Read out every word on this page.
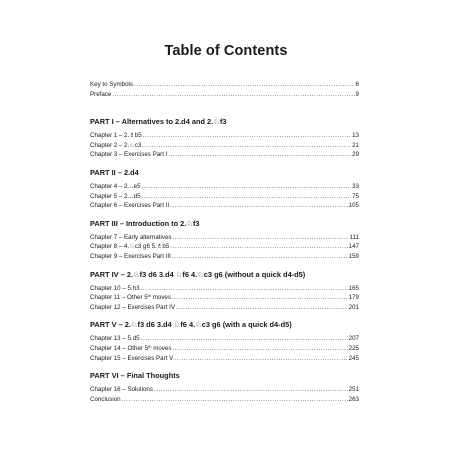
Table of Contents
Key to Symbols .....	6
Preface .....	9
PART I – Alternatives to 2.d4 and 2.♘f3
Chapter 1 – 2.♗b5 .....	13
Chapter 2 – 2.♘c3 .....	21
Chapter 3 – Exercises Part I .....	29
PART II – 2.d4
Chapter 4 – 2…e5 .....	33
Chapter 5 – 2…d5 .....	75
Chapter 6 – Exercises Part II .....	105
PART III – Introduction to 2.♘f3
Chapter 7 – Early alternatives .....	111
Chapter 8 – 4.♘c3 g6 5.♗b5 .....	147
Chapter 9 – Exercises Part III .....	159
PART IV – 2.♘f3 d6 3.d4 ♘f6 4.♘c3 g6 (without a quick d4-d5)
Chapter 10 – 5.h3 .....	165
Chapter 11 – Other 5th moves .....	179
Chapter 12 – Exercises Part IV .....	201
PART V – 2.♘f3 d6 3.d4 ♘f6 4.♘c3 g6 (with a quick d4-d5)
Chapter 13 – 5.d5 .....	207
Chapter 14 – Other 5th moves .....	225
Chapter 15 – Exercises Part V .....	245
PART VI – Final Thoughts
Chapter 16 – Solutions .....	251
Conclusion .....	263
